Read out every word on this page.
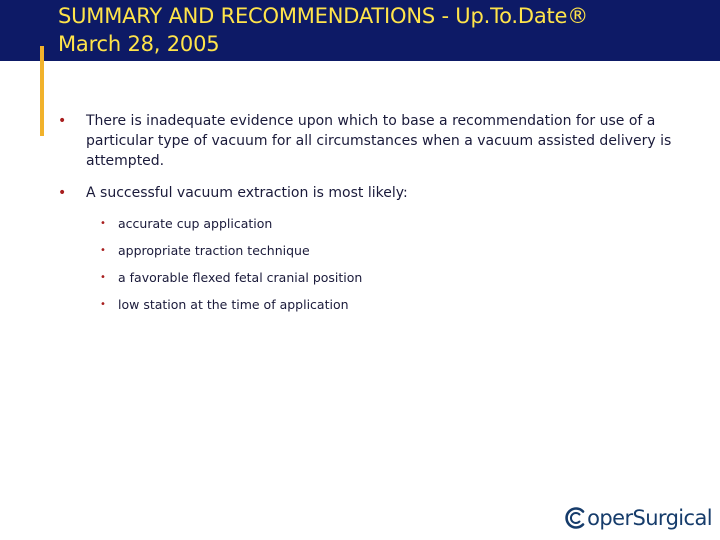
SUMMARY AND RECOMMENDATIONS - Up.To.Date®
March 28, 2005
• There is inadequate evidence upon which to base a recommendation for use of a particular type of vacuum for all circumstances when a vacuum assisted delivery is attempted.
• A successful vacuum extraction is most likely:
• accurate cup application
• appropriate traction technique
• a favorable flexed fetal cranial position
• low station at the time of application
operSurgical
